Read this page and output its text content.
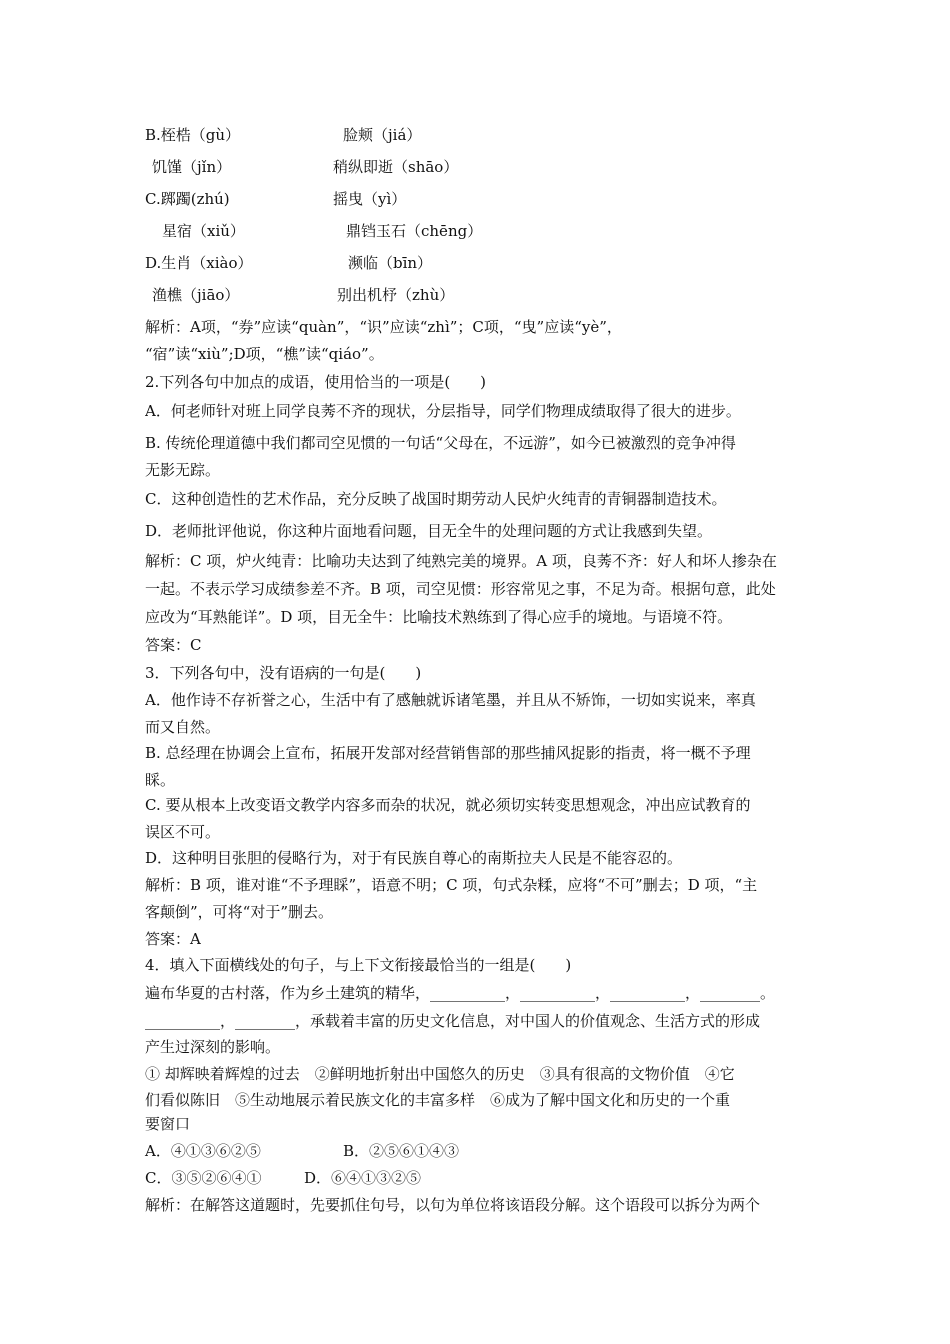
B.桎梏（gù）	脸颊（jiá）
饥馑（jǐn）	稍纵即逝（shāo）
C.踯躅(zhú)	摇曳（yì）
星宿（xiǔ）	鼎铛玉石（chēng）
D.生肖（xiào）	濒临（bīn）
渔樵（jiāo）	别出机杼（zhù）
解析：A项，“券”应读“quàn”，“识”应读“zhì”；C项，“曳”应读“yè”，
“宿”读“xiù”;D项，“樵”读“qiáo”。
2.下列各句中加点的成语，使用恰当的一项是(　　)
A．何老师针对班上同学良莠不齐的现状，分层指导，同学们物理成绩取得了很大的进步。
B. 传统伦理道德中我们都司空见惯的一句话“父母在，不远游”，如今已被激烈的竞争冲得
无影无踪。
C．这种创造性的艺术作品，充分反映了战国时期劳动人民炉火纯青的青铜器制造技术。
D．老师批评他说，你这种片面地看问题，目无全牛的处理问题的方式让我感到失望。
解析：C 项，炉火纯青：比喻功夫达到了纯熟完美的境界。A 项，良莠不齐：好人和坏人掺杂在
一起。不表示学习成绩参差不齐。B 项，司空见惯：形容常见之事，不足为奇。根据句意，此处
应改为“耳熟能详”。D 项，目无全牛：比喻技术熟练到了得心应手的境地。与语境不符。
答案：C
3．下列各句中，没有语病的一句是(　　)
A．他作诗不存祈誉之心，生活中有了感触就诉诸笔墨，并且从不矫饰，一切如实说来，率真
而又自然。
B. 总经理在协调会上宣布，拓展开发部对经营销售部的那些捕风捉影的指责，将一概不予理
睬。
C. 要从根本上改变语文教学内容多而杂的状况，就必须切实转变思想观念，冲出应试教育的
误区不可。
D．这种明目张胆的侵略行为，对于有民族自尊心的南斯拉夫人民是不能容忍的。
解析：B 项，谁对谁“不予理睬”，语意不明；C 项，句式杂糅，应将“不可”删去；D 项，“主
客颠倒”，可将“对于”删去。
答案：A
4．填入下面横线处的句子，与上下文衔接最恰当的一组是(　　)
遍布华夏的古村落，作为乡土建筑的精华，__________，__________，__________，________。
__________，________，承载着丰富的历史文化信息，对中国人的价值观念、生活方式的形成
产生过深刻的影响。
① 却辉映着辉煌的过去　②鲜明地折射出中国悠久的历史　③具有很高的文物价值　④它
们看似陈旧　⑤生动地展示着民族文化的丰富多样　⑥成为了解中国文化和历史的一个重
要窗口
A．④①③⑥②⑤	B．②⑤⑥①④③
C．③⑤②⑥④①	D．⑥④①③②⑤
解析：在解答这道题时，先要抓住句号，以句为单位将该语段分解。这个语段可以拆分为两个
